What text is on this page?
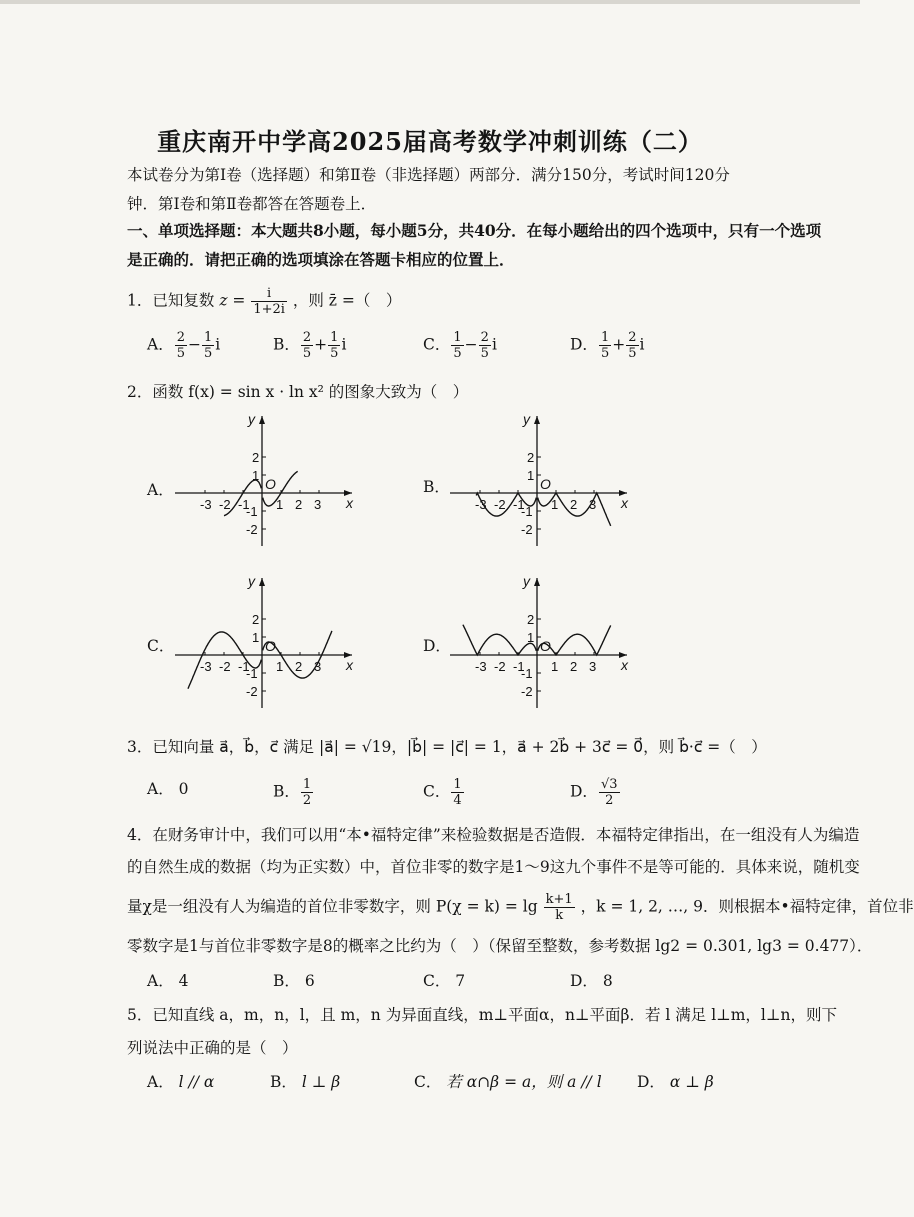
重庆南开中学高2025届高考数学冲刺训练（二）
本试卷分为第Ⅰ卷（选择题）和第Ⅱ卷（非选择题）两部分．满分150分，考试时间120分
钟．第Ⅰ卷和第Ⅱ卷都答在答题卷上．
一、单项选择题：本大题共8小题，每小题5分，共40分．在每小题给出的四个选项中，只有一个选项
是正确的．请把正确的选项填涂在答题卡相应的位置上．
1．已知复数 $z = \frac{i}{1+2i}$ ，则 z̄ =（　）
A． $\frac{2}{5} - \frac{1}{5}$ i	B． $\frac{2}{5} + \frac{1}{5}$ i	C． $\frac{1}{5} - \frac{2}{5}$ i	D． $\frac{1}{5} + \frac{2}{5}$ i
2．函数 f(x) = sin x · ln x² 的图象大致为（　）
A．
-3 -2 -1 1 2 3
2
1
-1
-2
x
y
O	B．
-3 -2 -1 1 2 3
2
1
-1
-2
x
y
O
C．
-3 -2 -1 1 2 3
2
1
-1
-2
x
y
O	D．
-3 -2 -1 1 2 3
2
1
-1
-2
x
y
O
3．已知向量 a⃗，b⃗，c⃗ 满足 |a⃗| = √19，|b⃗| = |c⃗| = 1，a⃗ + 2b⃗ + 3c⃗ = 0⃗，则 b⃗·c⃗ =（　）
A． 0	B． $\frac{1}{2}$	C． $\frac{1}{4}$	D． $\frac{√3}{2}$
4．在财务审计中，我们可以用“本•福特定律”来检验数据是否造假．本福特定律指出，在一组没有人为编造
的自然生成的数据（均为正实数）中，首位非零的数字是1～9这九个事件不是等可能的．具体来说，随机变
量χ是一组没有人为编造的首位非零数字，则 $P(\chi = k) = \lg \frac{k+1}{k}$ ，k = 1, 2, …, 9．则根据本•福特定律，首位非
零数字是1与首位非零数字是8的概率之比约为（　）（保留至整数，参考数据 lg2 = 0.301, lg3 = 0.477）．
A． 4	B． 6	C． 7	D． 8
5．已知直线 a，m，n，l，且 m，n 为异面直线，m⊥平面α，n⊥平面β．若 l 满足 l⊥m，l⊥n，则下
列说法中正确的是（　）
A． l // α	B． l ⊥ β	C． 若 α∩β = a，则 a // l D． α ⊥ β
